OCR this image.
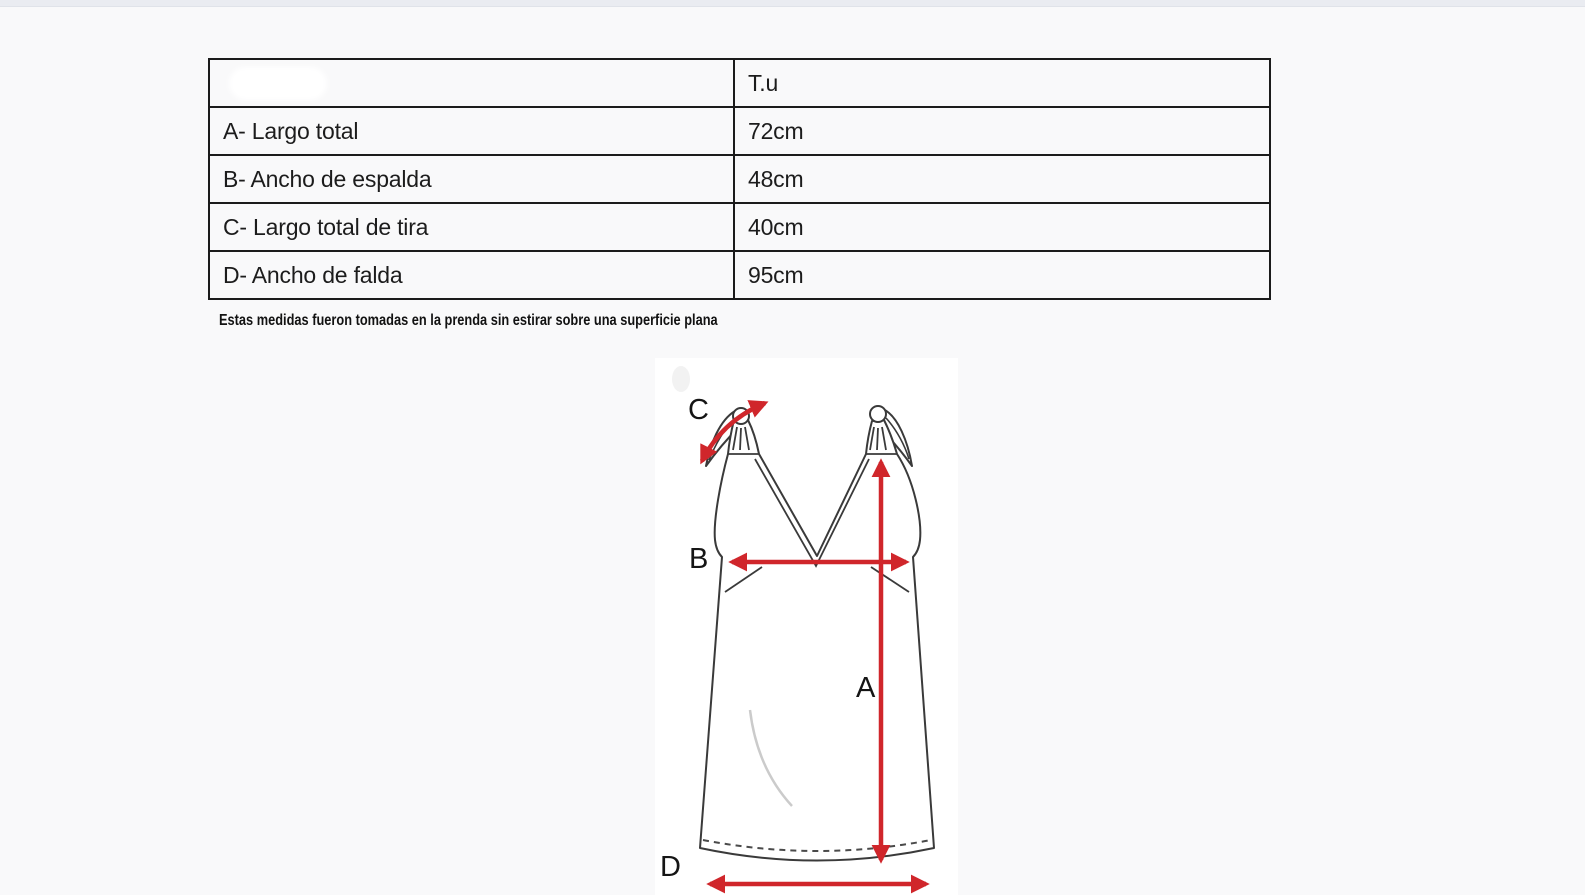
	T.u
A- Largo total	72cm
B- Ancho de espalda	48cm
C- Largo total de tira	40cm
D- Ancho de falda	95cm
Estas medidas fueron tomadas en la prenda sin estirar sobre una superficie plana
C
B
A
D
